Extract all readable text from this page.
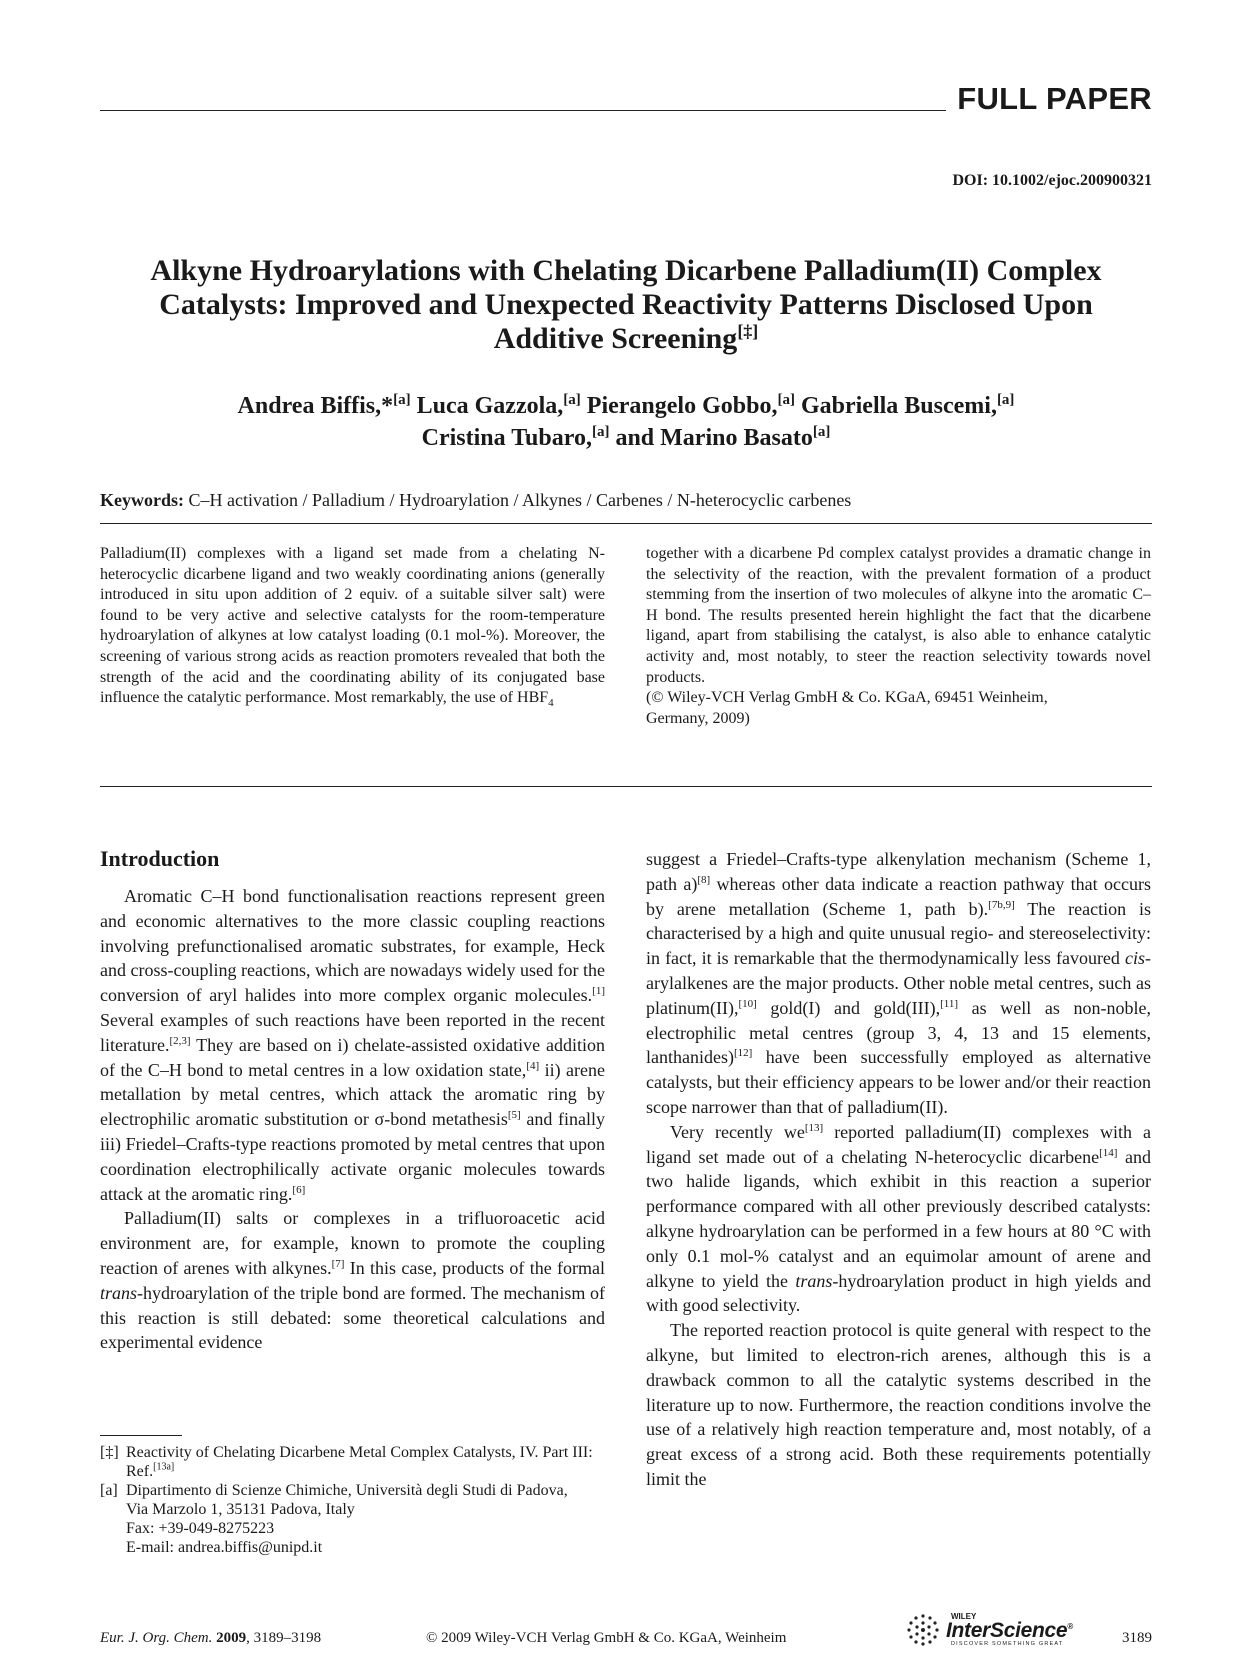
FULL PAPER
DOI: 10.1002/ejoc.200900321
Alkyne Hydroarylations with Chelating Dicarbene Palladium(II) Complex
Catalysts: Improved and Unexpected Reactivity Patterns Disclosed Upon
Additive Screening[‡]
Andrea Biffis,*[a] Luca Gazzola,[a] Pierangelo Gobbo,[a] Gabriella Buscemi,[a]
Cristina Tubaro,[a] and Marino Basato[a]
Keywords: C–H activation / Palladium / Hydroarylation / Alkynes / Carbenes / N-heterocyclic carbenes

Palladium(II) complexes with a ligand set made from a chelating N-heterocyclic dicarbene ligand and two weakly coordinating anions (generally introduced in situ upon addition of 2 equiv. of a suitable silver salt) were found to be very active and selective catalysts for the room-temperature hydroarylation of alkynes at low catalyst loading (0.1 mol-%). Moreover, the screening of various strong acids as reaction promoters revealed that both the strength of the acid and the coordinating ability of its conjugated base influence the catalytic performance. Most remarkably, the use of $HBF_4$

together with a dicarbene Pd complex catalyst provides a dramatic change in the selectivity of the reaction, with the prevalent formation of a product stemming from the insertion of two molecules of alkyne into the aromatic C–H bond. The results presented herein highlight the fact that the dicarbene ligand, apart from stabilising the catalyst, is also able to enhance catalytic activity and, most notably, to steer the reaction selectivity towards novel products.
(© Wiley-VCH Verlag GmbH & Co. KGaA, 69451 Weinheim,
Germany, 2009)

Introduction

Aromatic C–H bond functionalisation reactions represent green and economic alternatives to the more classic coupling reactions involving prefunctionalised aromatic substrates, for example, Heck and cross-coupling reactions, which are nowadays widely used for the conversion of aryl halides into more complex organic molecules.[1] Several examples of such reactions have been reported in the recent literature.[2,3] They are based on i) chelate-assisted oxidative addition of the C–H bond to metal centres in a low oxidation state,[4] ii) arene metallation by metal centres, which attack the aromatic ring by electrophilic aromatic substitution or σ-bond metathesis[5] and finally iii) Friedel–Crafts-type reactions promoted by metal centres that upon coordination electrophilically activate organic molecules towards attack at the aromatic ring.[6]

Palladium(II) salts or complexes in a trifluoroacetic acid environment are, for example, known to promote the coupling reaction of arenes with alkynes.[7] In this case, products of the formal trans-hydroarylation of the triple bond are formed. The mechanism of this reaction is still debated: some theoretical calculations and experimental evidence

suggest a Friedel–Crafts-type alkenylation mechanism (Scheme 1, path a)[8] whereas other data indicate a reaction pathway that occurs by arene metallation (Scheme 1, path b).[7b,9] The reaction is characterised by a high and quite unusual regio- and stereoselectivity: in fact, it is remarkable that the thermodynamically less favoured cis-arylalkenes are the major products. Other noble metal centres, such as platinum(II),[10] gold(I) and gold(III),[11] as well as non-noble, electrophilic metal centres (group 3, 4, 13 and 15 elements, lanthanides)[12] have been successfully employed as alternative catalysts, but their efficiency appears to be lower and/or their reaction scope narrower than that of palladium(II).

Very recently we[13] reported palladium(II) complexes with a ligand set made out of a chelating N-heterocyclic dicarbene[14] and two halide ligands, which exhibit in this reaction a superior performance compared with all other previously described catalysts: alkyne hydroarylation can be performed in a few hours at 80 °C with only 0.1 mol-% catalyst and an equimolar amount of arene and alkyne to yield the trans-hydroarylation product in high yields and with good selectivity.

The reported reaction protocol is quite general with respect to the alkyne, but limited to electron-rich arenes, although this is a drawback common to all the catalytic systems described in the literature up to now. Furthermore, the reaction conditions involve the use of a relatively high reaction temperature and, most notably, of a great excess of a strong acid. Both these requirements potentially limit the

[‡] Reactivity of Chelating Dicarbene Metal Complex Catalysts, IV. Part III: Ref.[13a]

[a] Dipartimento di Scienze Chimiche, Università degli Studi di Padova,
Via Marzolo 1, 35131 Padova, Italy
Fax: +39-049-8275223
E-mail: andrea.biffis@unipd.it

Eur. J. Org. Chem. 2009, 3189–3198	© 2009 Wiley-VCH Verlag GmbH & Co. KGaA, Weinheim
WILEY
InterScience®
DISCOVER SOMETHING GREAT	3189
